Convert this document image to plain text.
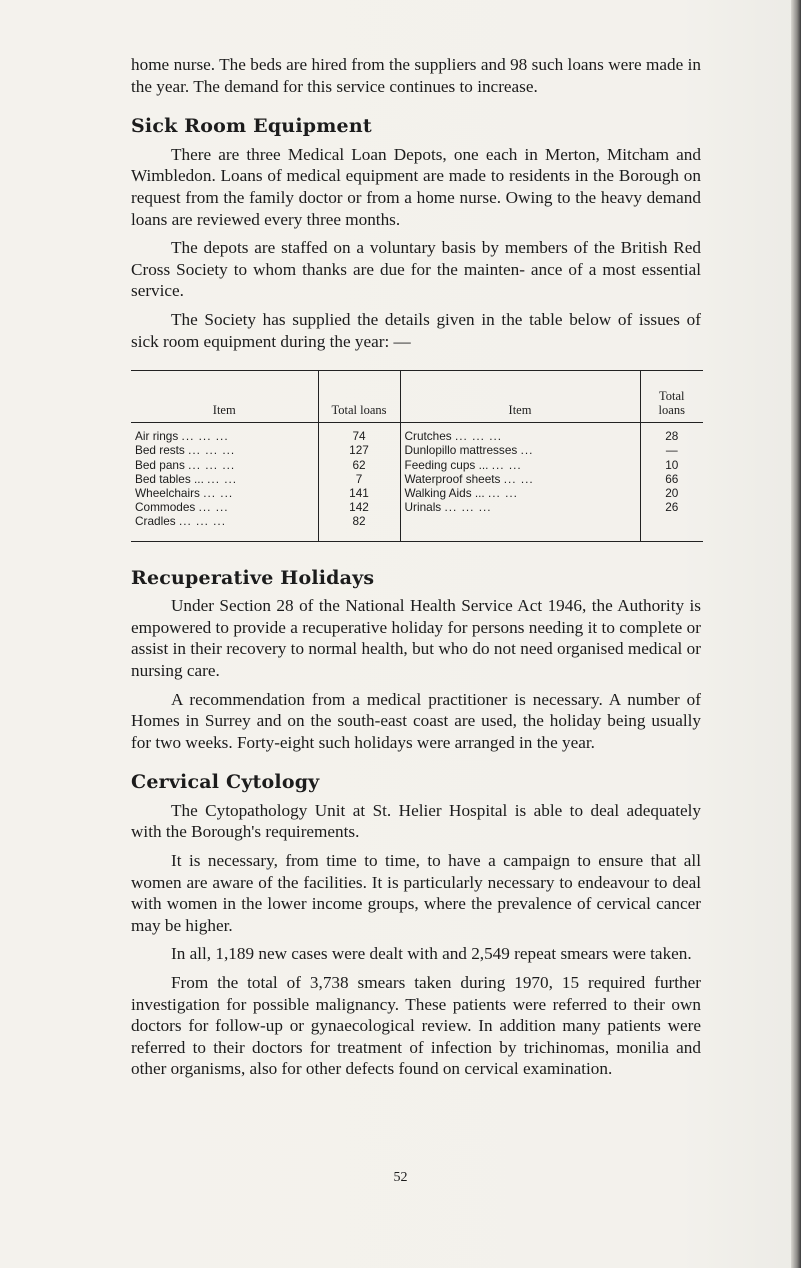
home nurse. The beds are hired from the suppliers and 98 such loans were made in the year. The demand for this service continues to increase.

Sick Room Equipment

There are three Medical Loan Depots, one each in Merton, Mitcham and Wimbledon. Loans of medical equipment are made to residents in the Borough on request from the family doctor or from a home nurse. Owing to the heavy demand loans are reviewed every three months.

The depots are staffed on a voluntary basis by members of the British Red Cross Society to whom thanks are due for the mainten- ance of a most essential service.

The Society has supplied the details given in the table below of issues of sick room equipment during the year: —

Item	Total loans	Item	Total loans
Air rings ... ... ...	74	Crutches ... ... ...	28
Bed rests ... ... ...	127	Dunlopillo mattresses ...	—
Bed pans ... ... ...	62	Feeding cups ... ... ...	10
Bed tables ... ... ...	7	Waterproof sheets ... ...	66
Wheelchairs ... ...	141	Walking Aids ... ... ...	20
Commodes ... ...	142	Urinals ... ... ...	26
Cradles ... ... ...	82		
Recuperative Holidays

Under Section 28 of the National Health Service Act 1946, the Authority is empowered to provide a recuperative holiday for persons needing it to complete or assist in their recovery to normal health, but who do not need organised medical or nursing care.

A recommendation from a medical practitioner is necessary. A number of Homes in Surrey and on the south-east coast are used, the holiday being usually for two weeks. Forty-eight such holidays were arranged in the year.

Cervical Cytology

The Cytopathology Unit at St. Helier Hospital is able to deal adequately with the Borough's requirements.

It is necessary, from time to time, to have a campaign to ensure that all women are aware of the facilities. It is particularly necessary to endeavour to deal with women in the lower income groups, where the prevalence of cervical cancer may be higher.

In all, 1,189 new cases were dealt with and 2,549 repeat smears were taken.

From the total of 3,738 smears taken during 1970, 15 required further investigation for possible malignancy. These patients were referred to their own doctors for follow-up or gynaecological review. In addition many patients were referred to their doctors for treatment of infection by trichinomas, monilia and other organisms, also for other defects found on cervical examination.

52
